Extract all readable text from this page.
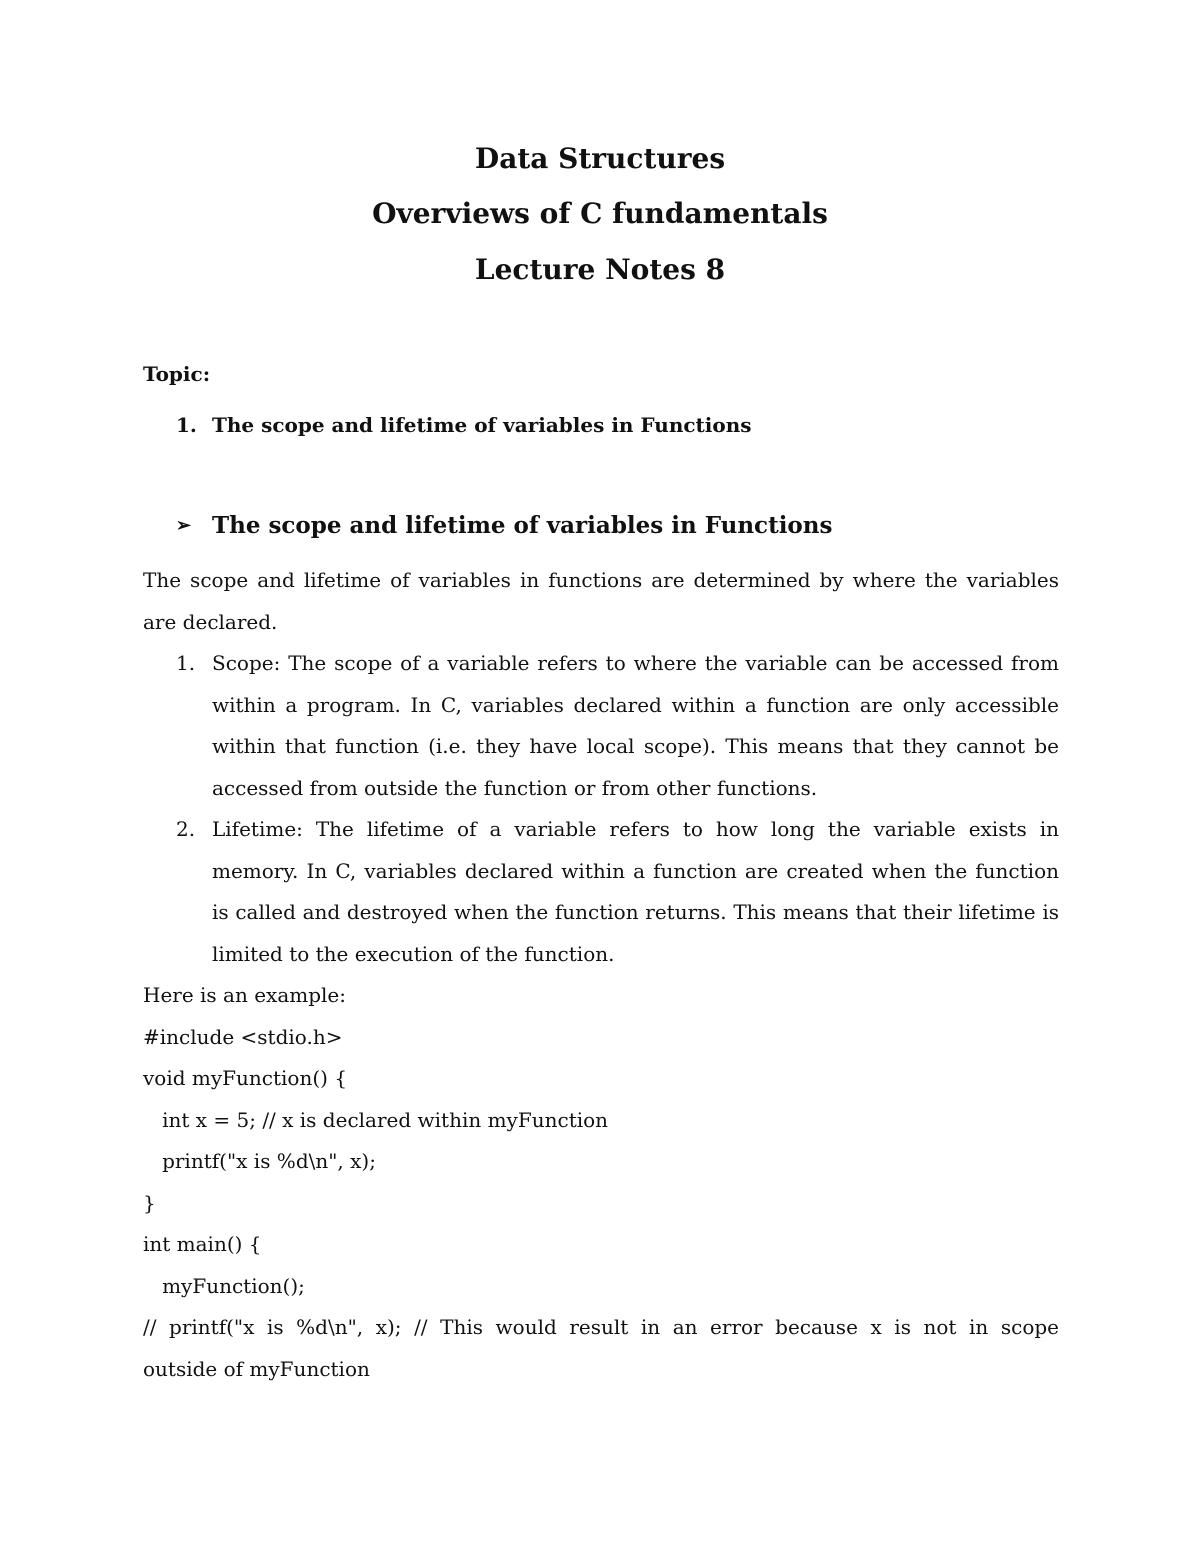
Data Structures
Overviews of C fundamentals
Lecture Notes 8
Topic:
1. The scope and lifetime of variables in Functions
➢ The scope and lifetime of variables in Functions
The scope and lifetime of variables in functions are determined by where the variables are declared.
1. Scope: The scope of a variable refers to where the variable can be accessed from within a program. In C, variables declared within a function are only accessible within that function (i.e. they have local scope). This means that they cannot be accessed from outside the function or from other functions.
2. Lifetime: The lifetime of a variable refers to how long the variable exists in memory. In C, variables declared within a function are created when the function is called and destroyed when the function returns. This means that their lifetime is limited to the execution of the function.
Here is an example:
#include <stdio.h>
void myFunction() {
int x = 5; // x is declared within myFunction
printf("x is %d\n", x);
}
int main() {
myFunction();
// printf("x is %d\n", x); // This would result in an error because x is not in scope
outside of myFunction
